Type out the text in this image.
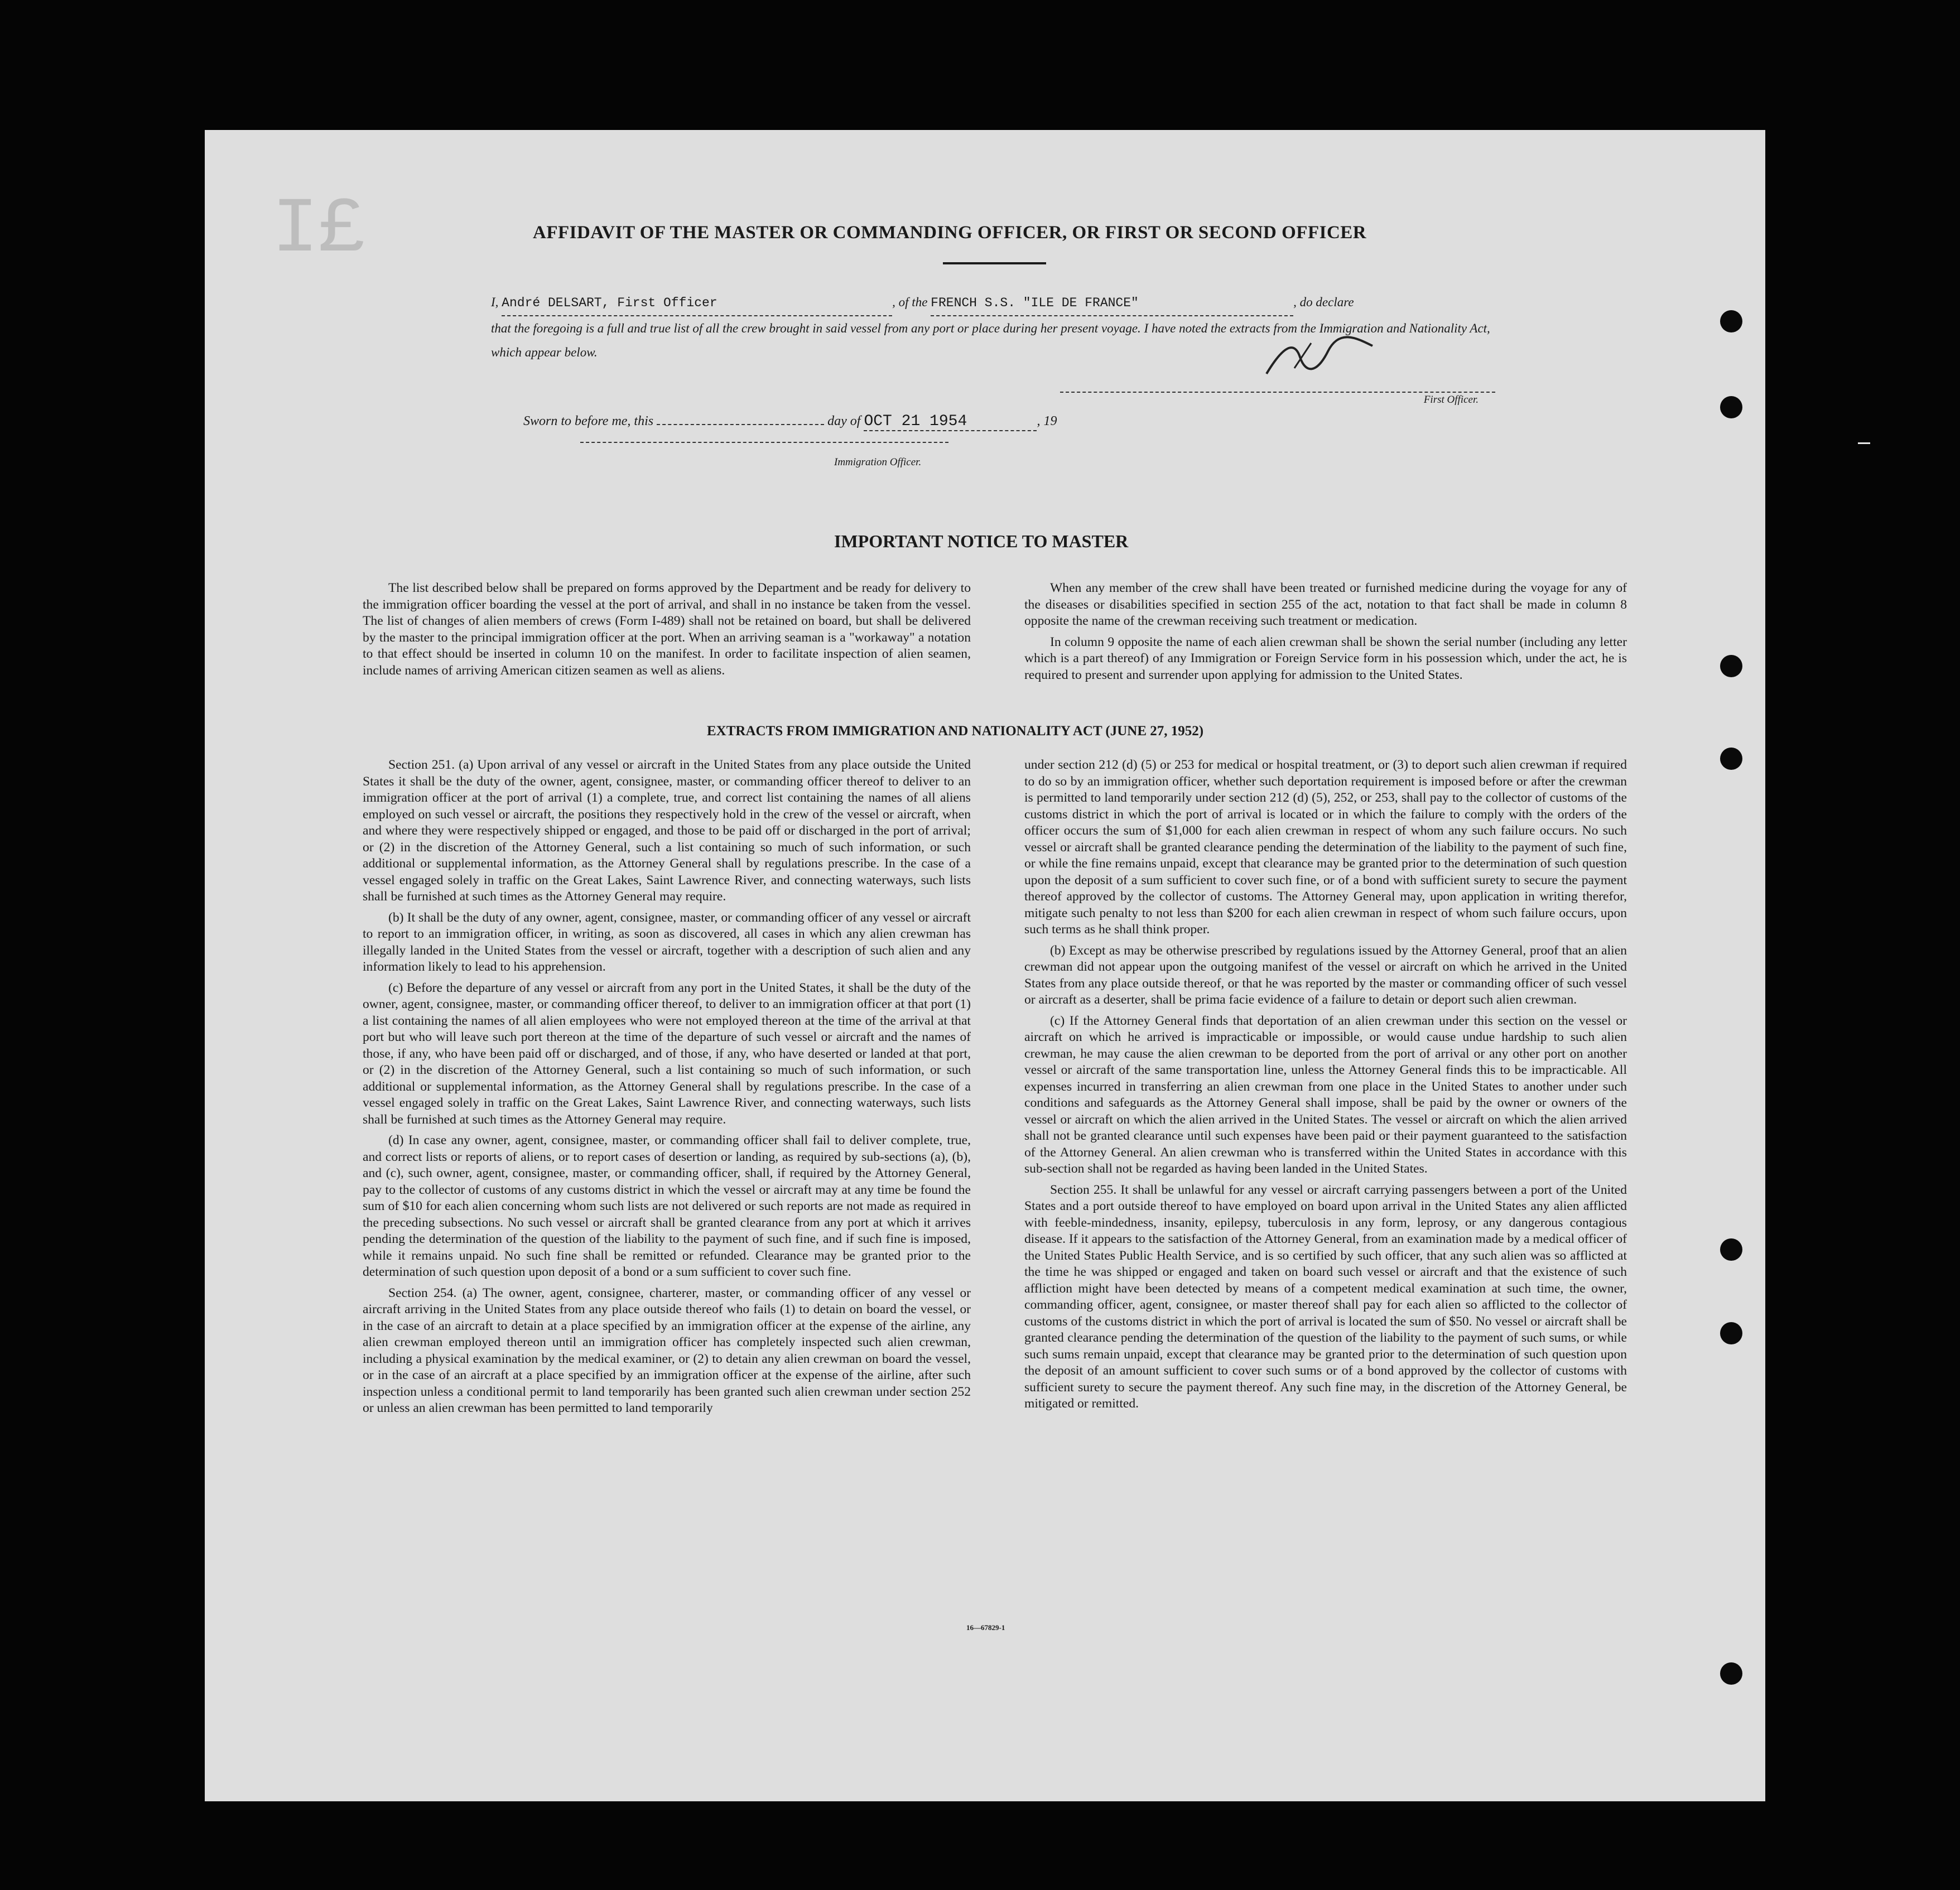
I£	AFFIDAVIT OF THE MASTER OR COMMANDING OFFICER, OR FIRST OR SECOND OFFICER
I, André DELSART, First Officer	, of the FRENCH S.S. "ILE DE FRANCE"	, do declare
that the foregoing is a full and true list of all the crew brought in said vessel from any port or place during her present voyage. I have noted the extracts from the Immigration and Nationality Act, which appear below.
First Officer.
Sworn to before me, this	day of OCT 21 1954	, 19
Immigration Officer.
IMPORTANT NOTICE TO MASTER

The list described below shall be prepared on forms approved by the Department and be ready for delivery to the immigration officer boarding the vessel at the port of arrival, and shall in no instance be taken from the vessel. The list of changes of alien members of crews (Form I-489) shall not be retained on board, but shall be delivered by the master to the principal immigration officer at the port. When an arriving seaman is a "workaway" a notation to that effect should be inserted in column 10 on the manifest. In order to facilitate inspection of alien seamen, include names of arriving American citizen seamen as well as aliens.

When any member of the crew shall have been treated or furnished medicine during the voyage for any of the diseases or disabilities specified in section 255 of the act, notation to that fact shall be made in column 8 opposite the name of the crewman receiving such treatment or medication.

In column 9 opposite the name of each alien crewman shall be shown the serial number (including any letter which is a part thereof) of any Immigration or Foreign Service form in his possession which, under the act, he is required to present and surrender upon applying for admission to the United States.

EXTRACTS FROM IMMIGRATION AND NATIONALITY ACT (JUNE 27, 1952)

Section 251. (a) Upon arrival of any vessel or aircraft in the United States from any place outside the United States it shall be the duty of the owner, agent, consignee, master, or commanding officer thereof to deliver to an immigration officer at the port of arrival (1) a complete, true, and correct list containing the names of all aliens employed on such vessel or aircraft, the positions they respectively hold in the crew of the vessel or aircraft, when and where they were respectively shipped or engaged, and those to be paid off or discharged in the port of arrival; or (2) in the discretion of the Attorney General, such a list containing so much of such information, or such additional or supplemental information, as the Attorney General shall by regulations prescribe. In the case of a vessel engaged solely in traffic on the Great Lakes, Saint Lawrence River, and connecting waterways, such lists shall be furnished at such times as the Attorney General may require.

(b) It shall be the duty of any owner, agent, consignee, master, or commanding officer of any vessel or aircraft to report to an immigration officer, in writing, as soon as discovered, all cases in which any alien crewman has illegally landed in the United States from the vessel or aircraft, together with a description of such alien and any information likely to lead to his apprehension.

(c) Before the departure of any vessel or aircraft from any port in the United States, it shall be the duty of the owner, agent, consignee, master, or commanding officer thereof, to deliver to an immigration officer at that port (1) a list containing the names of all alien employees who were not employed thereon at the time of the arrival at that port but who will leave such port thereon at the time of the departure of such vessel or aircraft and the names of those, if any, who have been paid off or discharged, and of those, if any, who have deserted or landed at that port, or (2) in the discretion of the Attorney General, such a list containing so much of such information, or such additional or supplemental information, as the Attorney General shall by regulations prescribe. In the case of a vessel engaged solely in traffic on the Great Lakes, Saint Lawrence River, and connecting waterways, such lists shall be furnished at such times as the Attorney General may require.

(d) In case any owner, agent, consignee, master, or commanding officer shall fail to deliver complete, true, and correct lists or reports of aliens, or to report cases of desertion or landing, as required by sub-sections (a), (b), and (c), such owner, agent, consignee, master, or commanding officer, shall, if required by the Attorney General, pay to the collector of customs of any customs district in which the vessel or aircraft may at any time be found the sum of $10 for each alien concerning whom such lists are not delivered or such reports are not made as required in the preceding subsections. No such vessel or aircraft shall be granted clearance from any port at which it arrives pending the determination of the question of the liability to the payment of such fine, and if such fine is imposed, while it remains unpaid. No such fine shall be remitted or refunded. Clearance may be granted prior to the determination of such question upon deposit of a bond or a sum sufficient to cover such fine.

Section 254. (a) The owner, agent, consignee, charterer, master, or commanding officer of any vessel or aircraft arriving in the United States from any place outside thereof who fails (1) to detain on board the vessel, or in the case of an aircraft to detain at a place specified by an immigration officer at the expense of the airline, any alien crewman employed thereon until an immigration officer has completely inspected such alien crewman, including a physical examination by the medical examiner, or (2) to detain any alien crewman on board the vessel, or in the case of an aircraft at a place specified by an immigration officer at the expense of the airline, after such inspection unless a conditional permit to land temporarily has been granted such alien crewman under section 252 or unless an alien crewman has been permitted to land temporarily

under section 212 (d) (5) or 253 for medical or hospital treatment, or (3) to deport such alien crewman if required to do so by an immigration officer, whether such deportation requirement is imposed before or after the crewman is permitted to land temporarily under section 212 (d) (5), 252, or 253, shall pay to the collector of customs of the customs district in which the port of arrival is located or in which the failure to comply with the orders of the officer occurs the sum of $1,000 for each alien crewman in respect of whom any such failure occurs. No such vessel or aircraft shall be granted clearance pending the determination of the liability to the payment of such fine, or while the fine remains unpaid, except that clearance may be granted prior to the determination of such question upon the deposit of a sum sufficient to cover such fine, or of a bond with sufficient surety to secure the payment thereof approved by the collector of customs. The Attorney General may, upon application in writing therefor, mitigate such penalty to not less than $200 for each alien crewman in respect of whom such failure occurs, upon such terms as he shall think proper.

(b) Except as may be otherwise prescribed by regulations issued by the Attorney General, proof that an alien crewman did not appear upon the outgoing manifest of the vessel or aircraft on which he arrived in the United States from any place outside thereof, or that he was reported by the master or commanding officer of such vessel or aircraft as a deserter, shall be prima facie evidence of a failure to detain or deport such alien crewman.

(c) If the Attorney General finds that deportation of an alien crewman under this section on the vessel or aircraft on which he arrived is impracticable or impossible, or would cause undue hardship to such alien crewman, he may cause the alien crewman to be deported from the port of arrival or any other port on another vessel or aircraft of the same transportation line, unless the Attorney General finds this to be impracticable. All expenses incurred in transferring an alien crewman from one place in the United States to another under such conditions and safeguards as the Attorney General shall impose, shall be paid by the owner or owners of the vessel or aircraft on which the alien arrived in the United States. The vessel or aircraft on which the alien arrived shall not be granted clearance until such expenses have been paid or their payment guaranteed to the satisfaction of the Attorney General. An alien crewman who is transferred within the United States in accordance with this sub-section shall not be regarded as having been landed in the United States.

Section 255. It shall be unlawful for any vessel or aircraft carrying passengers between a port of the United States and a port outside thereof to have employed on board upon arrival in the United States any alien afflicted with feeble-mindedness, insanity, epilepsy, tuberculosis in any form, leprosy, or any dangerous contagious disease. If it appears to the satisfaction of the Attorney General, from an examination made by a medical officer of the United States Public Health Service, and is so certified by such officer, that any such alien was so afflicted at the time he was shipped or engaged and taken on board such vessel or aircraft and that the existence of such affliction might have been detected by means of a competent medical examination at such time, the owner, commanding officer, agent, consignee, or master thereof shall pay for each alien so afflicted to the collector of customs of the customs district in which the port of arrival is located the sum of $50. No vessel or aircraft shall be granted clearance pending the determination of the question of the liability to the payment of such sums, or while such sums remain unpaid, except that clearance may be granted prior to the determination of such question upon the deposit of an amount sufficient to cover such sums or of a bond approved by the collector of customs with sufficient surety to secure the payment thereof. Any such fine may, in the discretion of the Attorney General, be mitigated or remitted.

16—67829-1
